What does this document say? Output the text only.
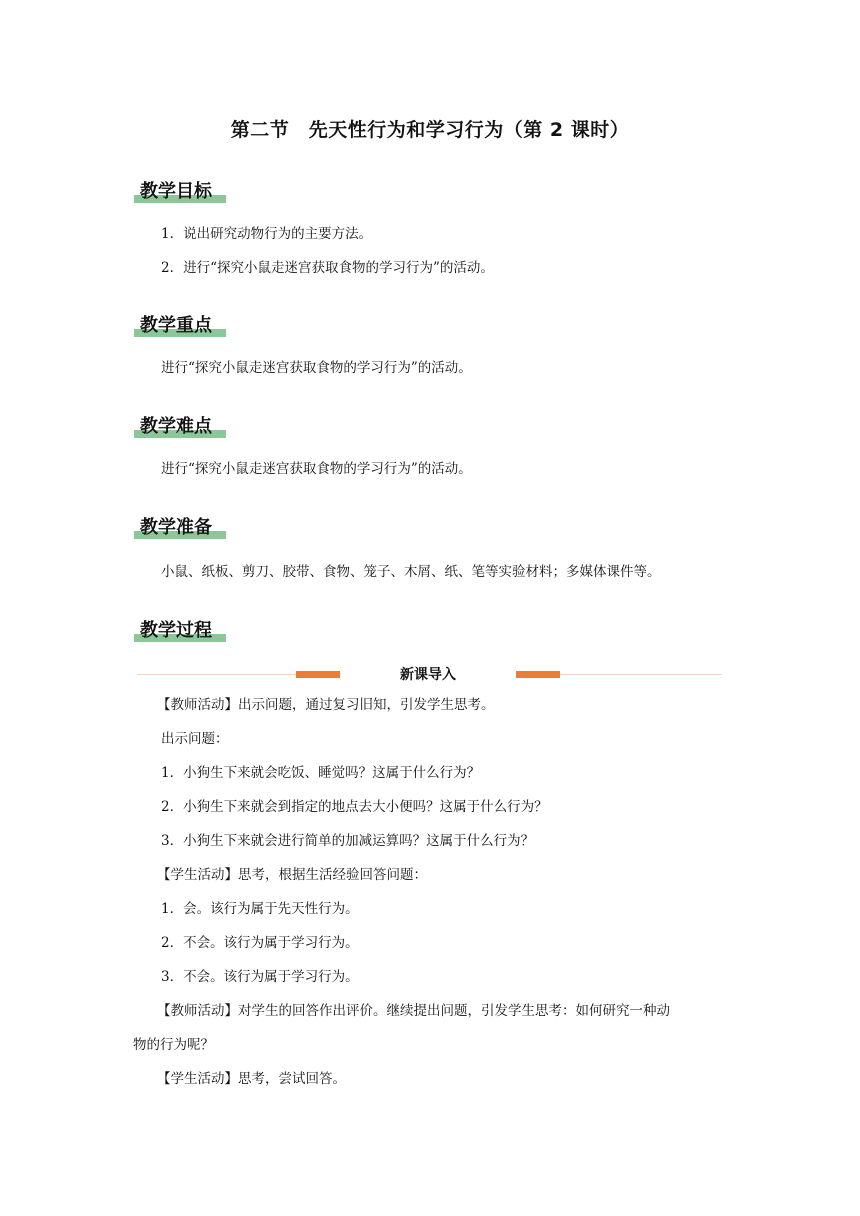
第二节　先天性行为和学习行为（第 2 课时）
教学目标
1．说出研究动物行为的主要方法。
2．进行“探究小鼠走迷宫获取食物的学习行为”的活动。
教学重点
进行“探究小鼠走迷宫获取食物的学习行为”的活动。
教学难点
进行“探究小鼠走迷宫获取食物的学习行为”的活动。
教学准备
小鼠、纸板、剪刀、胶带、食物、笼子、木屑、纸、笔等实验材料；多媒体课件等。
教学过程
新课导入
【教师活动】出示问题，通过复习旧知，引发学生思考。
出示问题：
1．小狗生下来就会吃饭、睡觉吗？这属于什么行为？
2．小狗生下来就会到指定的地点去大小便吗？这属于什么行为？
3．小狗生下来就会进行简单的加减运算吗？这属于什么行为？
【学生活动】思考，根据生活经验回答问题：
1．会。该行为属于先天性行为。
2．不会。该行为属于学习行为。
3．不会。该行为属于学习行为。
【教师活动】对学生的回答作出评价。继续提出问题，引发学生思考：如何研究一种动
物的行为呢？
【学生活动】思考，尝试回答。
